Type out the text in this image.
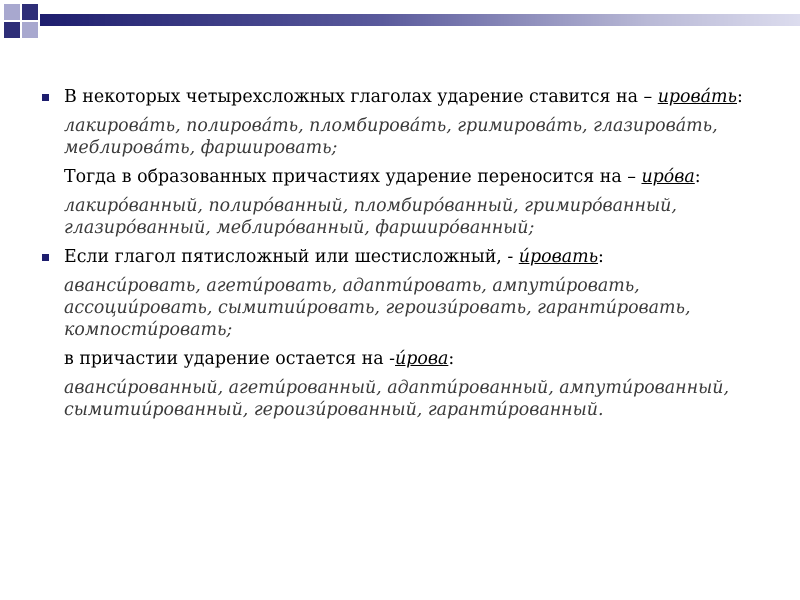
В некоторых четырехсложных глаголах ударение ставится на – ирова́ть:

лакирова́ть, полирова́ть, пломбирова́ть, гримирова́ть, глазирова́ть, меблирова́ть, фаршировать;

Тогда в образованных причастиях ударение переносится на – иро́ва:

лакиро́ванный, полиро́ванный, пломбиро́ванный, гримиро́ванный, глазиро́ванный, меблиро́ванный, фарширо́ванный;

Если глагол пятисложный или шестисложный, - и́ровать:

аванси́ровать, агети́ровать, адапти́ровать, ампути́ровать, ассоции́ровать, сымитии́ровать, героизи́ровать, гаранти́ровать, компости́ровать;

в причастии ударение остается на -и́рова:

аванси́рованный, агети́рованный, адапти́рованный, ампути́рованный, сымитии́рованный, героизи́рованный, гаранти́рованный.
